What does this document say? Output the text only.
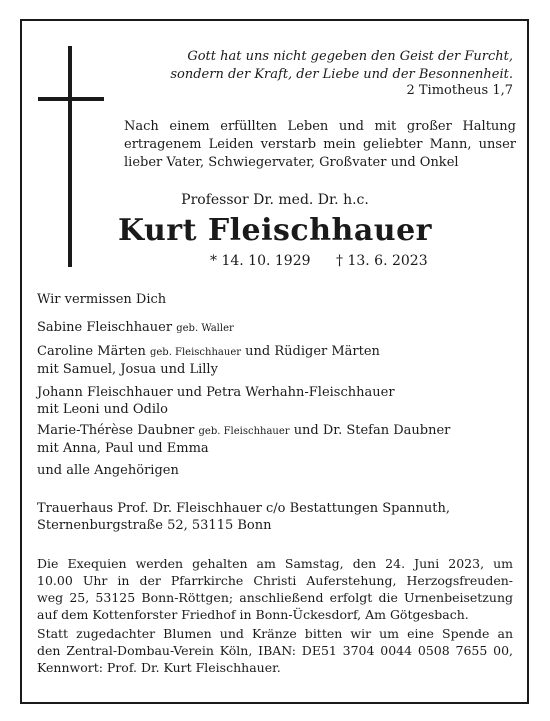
Gott hat uns nicht gegeben den Geist der Furcht,
sondern der Kraft, der Liebe und der Besonnenheit.
2 Timotheus 1,7
Nach einem erfüllten Leben und mit großer Haltung
ertragenem Leiden verstarb mein geliebter Mann, unser
lieber Vater, Schwiegervater, Großvater und Onkel
Professor Dr. med. Dr. h.c.
Kurt Fleischhauer
* 14. 10. 1929 † 13. 6. 2023
Wir vermissen Dich
Sabine Fleischhauer geb. Waller
Caroline Märten geb. Fleischhauer und Rüdiger Märten
mit Samuel, Josua und Lilly
Johann Fleischhauer und Petra Werhahn-Fleischhauer
mit Leoni und Odilo
Marie-Thérèse Daubner geb. Fleischhauer und Dr. Stefan Daubner
mit Anna, Paul und Emma
und alle Angehörigen
Trauerhaus Prof. Dr. Fleischhauer c/o Bestattungen Spannuth,
Sternenburgstraße 52, 53115 Bonn
Die Exequien werden gehalten am Samstag, den 24. Juni 2023, um
10.00 Uhr in der Pfarrkirche Christi Auferstehung, Herzogsfreuden-
weg 25, 53125 Bonn-Röttgen; anschließend erfolgt die Urnenbeisetzung
auf dem Kottenforster Friedhof in Bonn-Ückesdorf, Am Götgesbach.
Statt zugedachter Blumen und Kränze bitten wir um eine Spende an
den Zentral-Dombau-Verein Köln, IBAN: DE51 3704 0044 0508 7655 00,
Kennwort: Prof. Dr. Kurt Fleischhauer.
